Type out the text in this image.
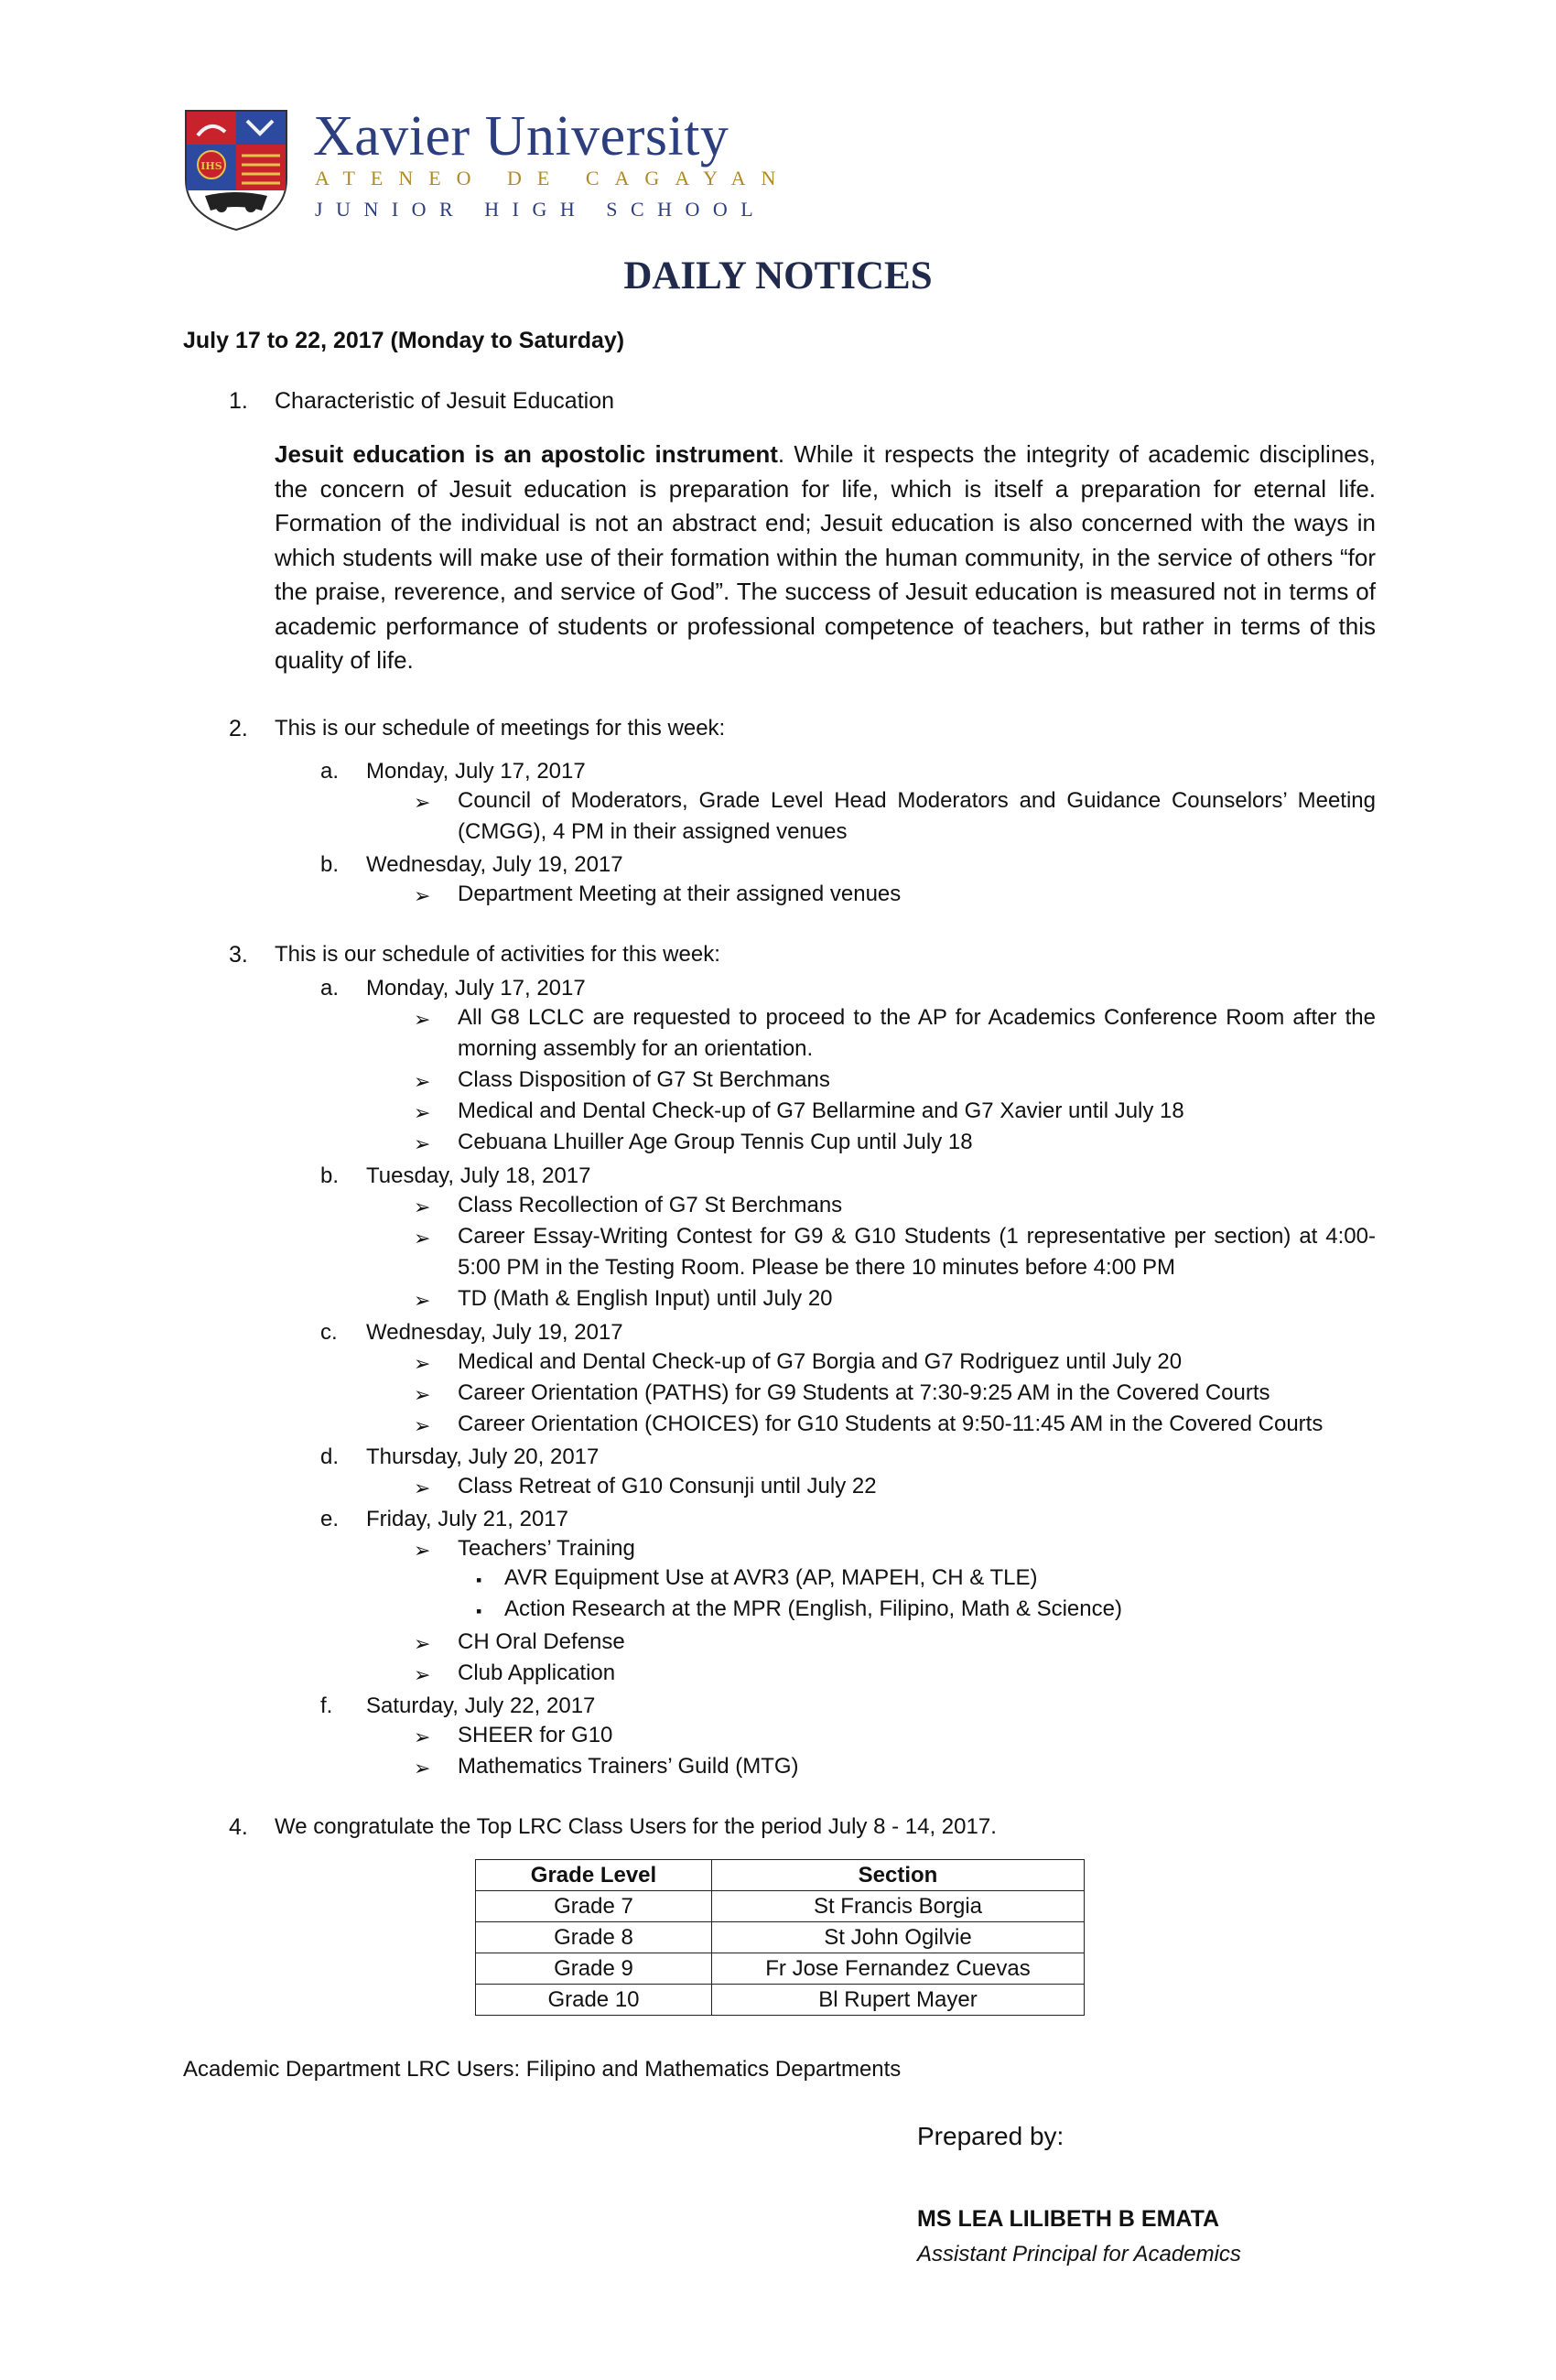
IHS Xavier University
ATENEO DE CAGAYAN
JUNIOR HIGH SCHOOL
DAILY NOTICES
July 17 to 22, 2017 (Monday to Saturday)
1. Characteristic of Jesuit Education
Jesuit education is an apostolic instrument. While it respects the integrity of academic disciplines, the concern of Jesuit education is preparation for life, which is itself a preparation for eternal life. Formation of the individual is not an abstract end; Jesuit education is also concerned with the ways in which students will make use of their formation within the human community, in the service of others “for the praise, reverence, and service of God”. The success of Jesuit education is measured not in terms of academic performance of students or professional competence of teachers, but rather in terms of this quality of life.
2. This is our schedule of meetings for this week:
a. Monday, July 17, 2017
➢ Council of Moderators, Grade Level Head Moderators and Guidance Counselors’ Meeting (CMGG), 4 PM in their assigned venues
b. Wednesday, July 19, 2017
➢ Department Meeting at their assigned venues
3. This is our schedule of activities for this week:
a. Monday, July 17, 2017
➢ All G8 LCLC are requested to proceed to the AP for Academics Conference Room after the morning assembly for an orientation.
➢ Class Disposition of G7 St Berchmans
➢ Medical and Dental Check-up of G7 Bellarmine and G7 Xavier until July 18
➢ Cebuana Lhuiller Age Group Tennis Cup until July 18
b. Tuesday, July 18, 2017
➢ Class Recollection of G7 St Berchmans
➢ Career Essay-Writing Contest for G9 & G10 Students (1 representative per section) at 4:00-5:00 PM in the Testing Room. Please be there 10 minutes before 4:00 PM
➢ TD (Math & English Input) until July 20
c. Wednesday, July 19, 2017
➢ Medical and Dental Check-up of G7 Borgia and G7 Rodriguez until July 20
➢ Career Orientation (PATHS) for G9 Students at 7:30-9:25 AM in the Covered Courts
➢ Career Orientation (CHOICES) for G10 Students at 9:50-11:45 AM in the Covered Courts
d. Thursday, July 20, 2017
➢ Class Retreat of G10 Consunji until July 22
e. Friday, July 21, 2017
➢ Teachers’ Training
▪ AVR Equipment Use at AVR3 (AP, MAPEH, CH & TLE)
▪ Action Research at the MPR (English, Filipino, Math & Science)
➢ CH Oral Defense
➢ Club Application
f. Saturday, July 22, 2017
➢ SHEER for G10
➢ Mathematics Trainers’ Guild (MTG)
4. We congratulate the Top LRC Class Users for the period July 8 - 14, 2017.
Grade Level	Section
Grade 7	St Francis Borgia
Grade 8	St John Ogilvie
Grade 9	Fr Jose Fernandez Cuevas
Grade 10	Bl Rupert Mayer
Academic Department LRC Users: Filipino and Mathematics Departments
Prepared by:
MS LEA LILIBETH B EMATA
Assistant Principal for Academics
